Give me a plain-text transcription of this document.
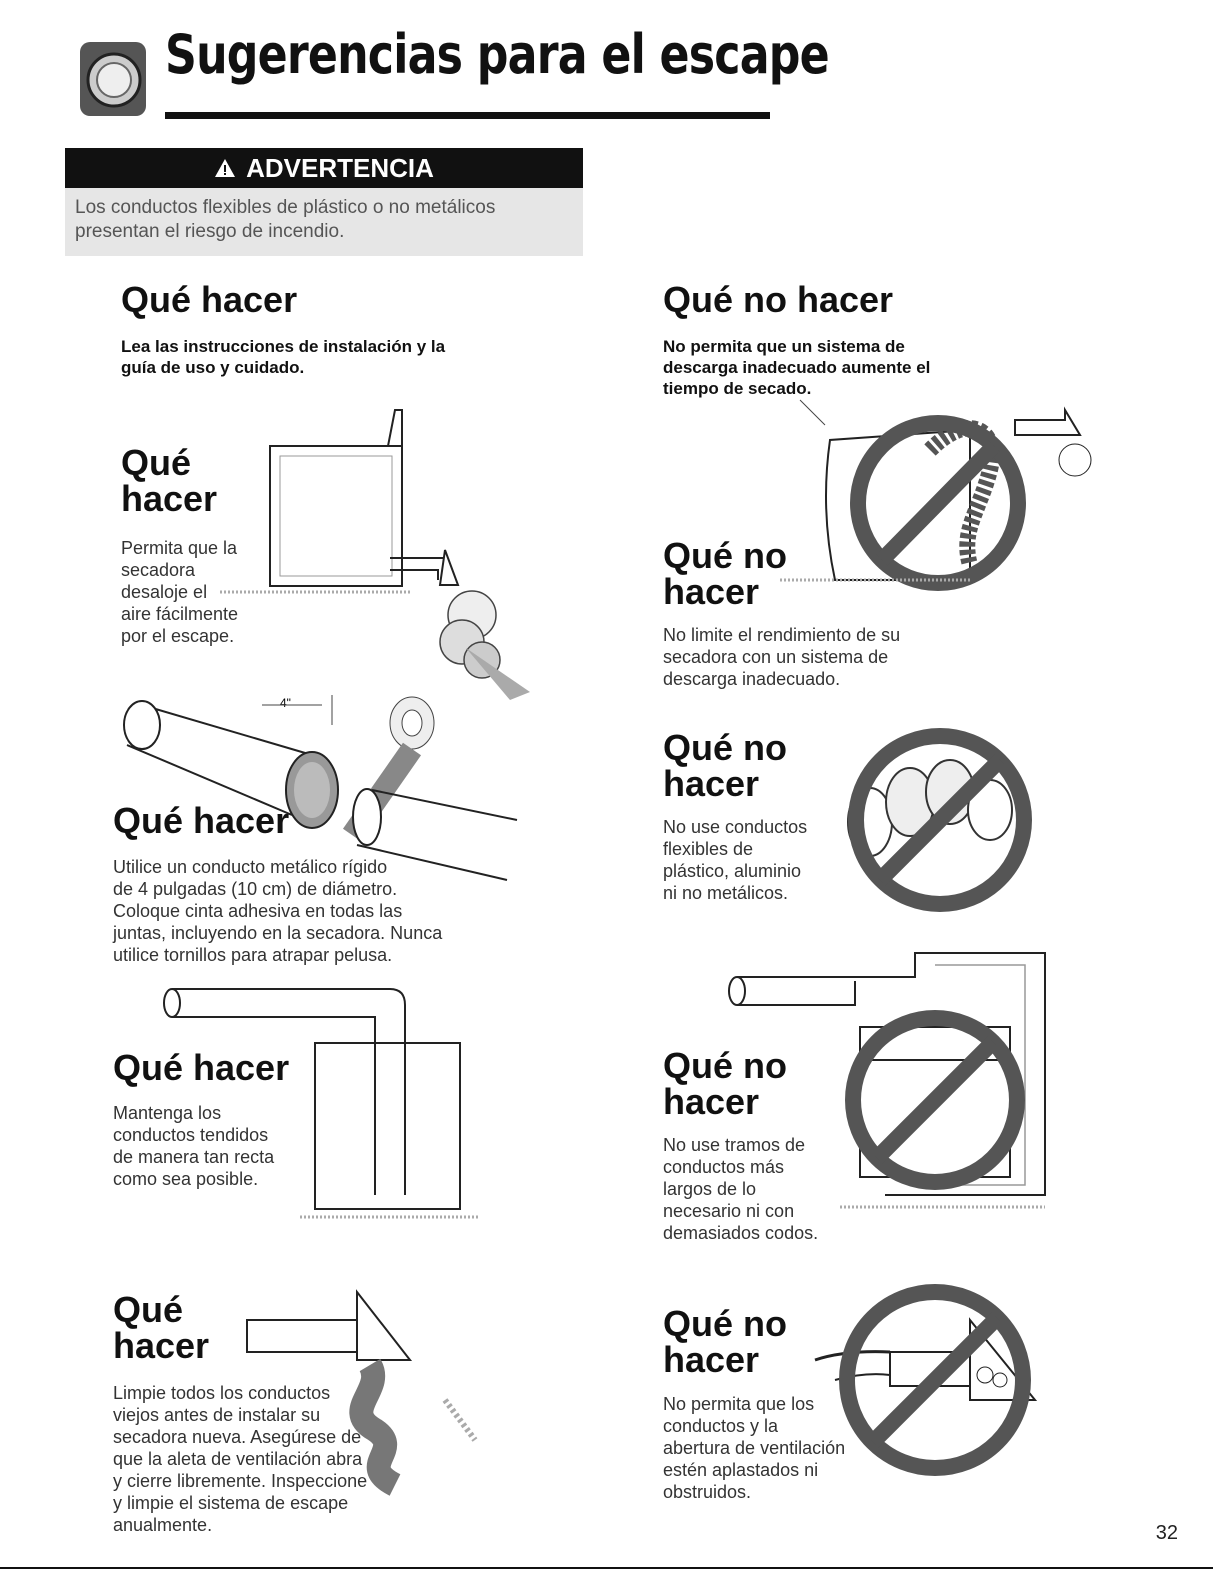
Sugerencias para el escape
ADVERTENCIA
Los conductos flexibles de plástico o no metálicos
presentan el riesgo de incendio.
Qué hacer
Lea las instrucciones de instalación y la
guía de uso y cuidado.
Qué
hacer
Permita que la
secadora
desaloje el
aire fácilmente
por el escape.
4"
Qué hacer
Utilice un conducto metálico rígido
de 4 pulgadas (10 cm) de diámetro.
Coloque cinta adhesiva en todas las
juntas, incluyendo en la secadora. Nunca
utilice tornillos para atrapar pelusa.
Qué hacer
Mantenga los
conductos tendidos
de manera tan recta
como sea posible.
Qué
hacer
Limpie todos los conductos
viejos antes de instalar su
secadora nueva. Asegúrese de
que la aleta de ventilación abra
y cierre libremente. Inspeccione
y limpie el sistema de escape
anualmente.
Qué no hacer
No permita que un sistema de
descarga inadecuado aumente el
tiempo de secado.
Qué no
hacer
No limite el rendimiento de su
secadora con un sistema de
descarga inadecuado.
Qué no
hacer
No use conductos
flexibles de
plástico, aluminio
ni no metálicos.
Qué no
hacer
No use tramos de
conductos más
largos de lo
necesario ni con
demasiados codos.
Qué no
hacer
No permita que los
conductos y la
abertura de ventilación
estén aplastados ni
obstruidos.
32
